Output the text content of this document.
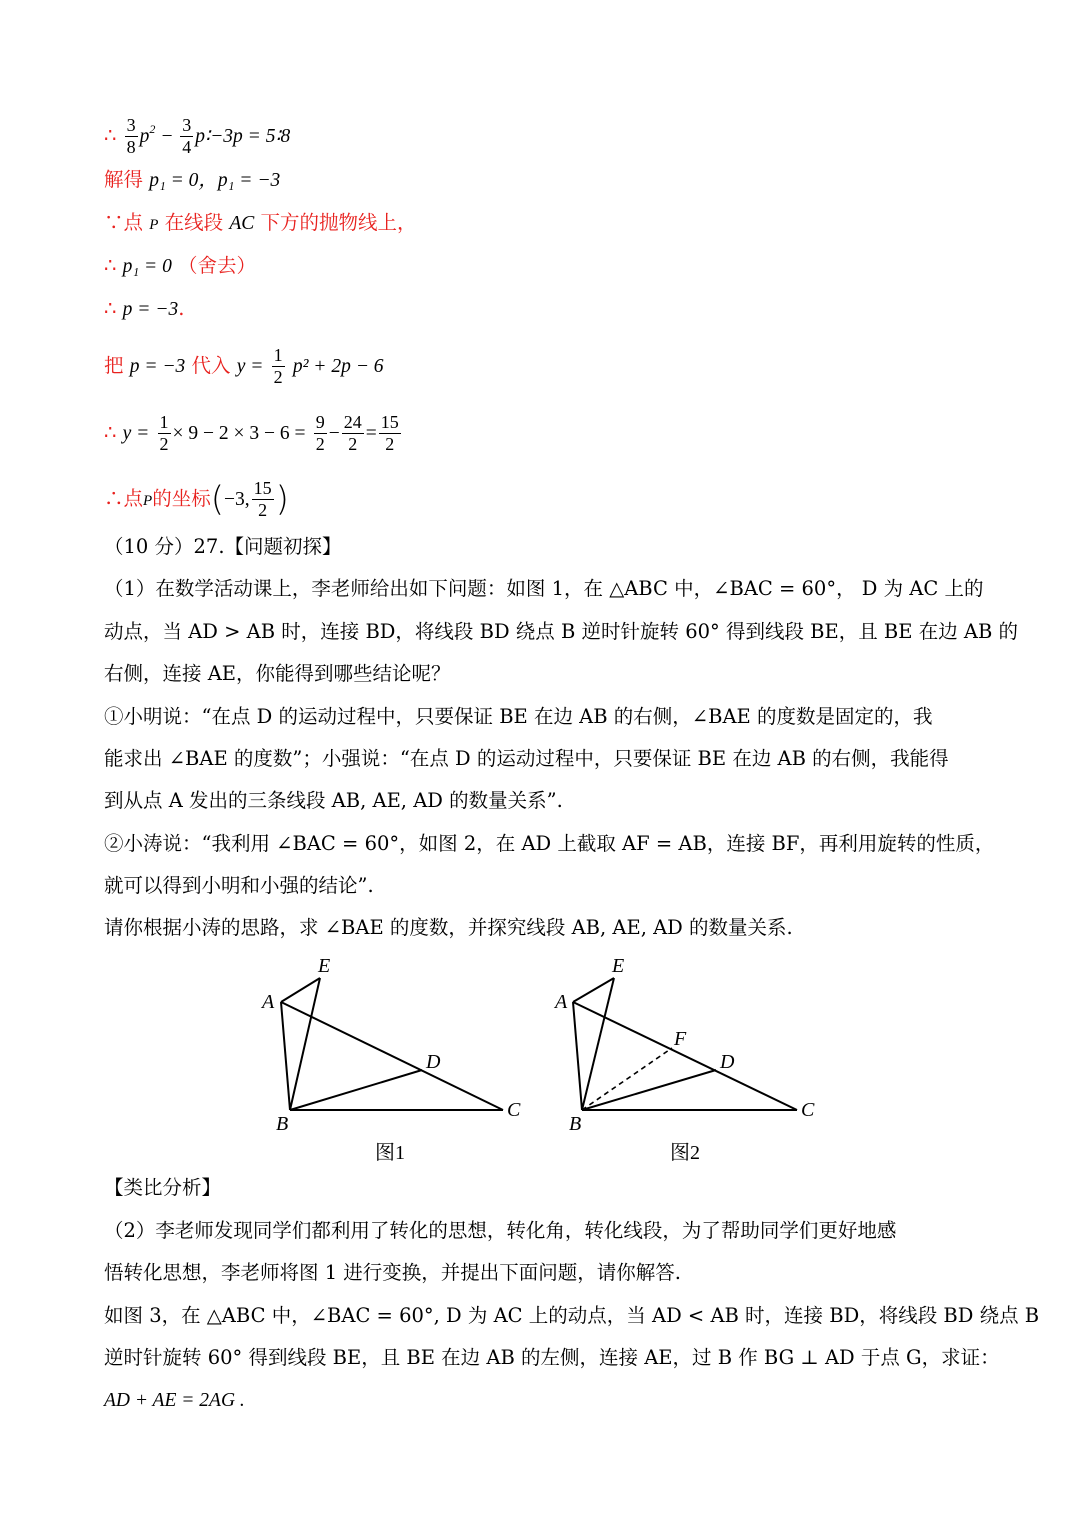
∴ $\frac{3}{8} p^2 - \frac{3}{4}$ p∶−3p = 5∶8
解得 p₁ = 0，p₁ = −3
∵点 P 在线段 AC 下方的抛物线上，
∴ p₁ = 0 （舍去）
∴ p = −3.
把 p = −3 代入 $y = \frac{1}{2} p^2 + 2p - 6$
∴ $y = \frac{1}{2} \times 9 - 2 \times 3 - 6 = \frac{9}{2} - \frac{24}{2} = \frac{15}{2}$
∴点P的坐标(−3, $\frac{15}{2}$ )
（10 分）27.【问题初探】
（1）在数学活动课上，李老师给出如下问题：如图 1，在 △ABC 中，∠BAC = 60°， D 为 AC 上的
动点，当 AD > AB 时，连接 BD，将线段 BD 绕点 B 逆时针旋转 60° 得到线段 BE，且 BE 在边 AB 的
右侧，连接 AE，你能得到哪些结论呢？
①小明说：“在点 D 的运动过程中，只要保证 BE 在边 AB 的右侧，∠BAE 的度数是固定的，我
能求出 ∠BAE 的度数”；小强说：“在点 D 的运动过程中，只要保证 BE 在边 AB 的右侧，我能得
到从点 A 发出的三条线段 AB, AE, AD 的数量关系”.
②小涛说：“我利用 ∠BAC = 60°，如图 2，在 AD 上截取 AF = AB，连接 BF，再利用旋转的性质，
就可以得到小明和小强的结论”.
请你根据小涛的思路，求 ∠BAE 的度数，并探究线段 AB, AE, AD 的数量关系.
E
A
D
B
C
图1
E
A
F
D
B
C
图2
【类比分析】
（2）李老师发现同学们都利用了转化的思想，转化角，转化线段，为了帮助同学们更好地感
悟转化思想，李老师将图 1 进行变换，并提出下面问题，请你解答.
如图 3，在 △ABC 中，∠BAC = 60°, D 为 AC 上的动点，当 AD < AB 时，连接 BD，将线段 BD 绕点 B
逆时针旋转 60° 得到线段 BE，且 BE 在边 AB 的左侧，连接 AE，过 B 作 BG ⊥ AD 于点 G，求证：
AD + AE = 2AG .
